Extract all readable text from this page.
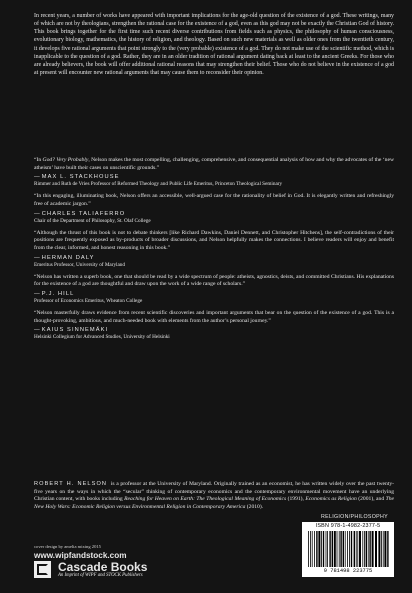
In recent years, a number of works have appeared with important implications for the age-old question of the existence of a god. These writings, many of which are not by theologians, strengthen the rational case for the existence of a god, even as this god may not be exactly the Christian God of history. This book brings together for the first time such recent diverse contributions from fields such as physics, the philosophy of human consciousness, evolutionary biology, mathematics, the history of religion, and theology. Based on such new materials as well as older ones from the twentieth century, it develops five rational arguments that point strongly to the (very probable) existence of a god. They do not make use of the scientific method, which is inapplicable to the question of a god. Rather, they are in an older tradition of rational argument dating back at least to the ancient Greeks. For those who are already believers, the book will offer additional rational reasons that may strengthen their belief. Those who do not believe in the existence of a god at present will encounter new rational arguments that may cause them to reconsider their opinion.

“In God? Very Probably, Nelson makes the most compelling, challenging, comprehensive, and consequential analysis of how and why the advocates of the ‘new atheism’ have built their cases on unscientific grounds.”

—MAX L. STACKHOUSE

Rimmer and Ruth de Vries Professor of Reformed Theology and Public Life Emeritus, Princeton Theological Seminary

“In this engaging, illuminating book, Nelson offers an accessible, well-argued case for the rationality of belief in God. It is elegantly written and refreshingly free of academic jargon.”

—CHARLES TALIAFERRO

Chair of the Department of Philosophy, St. Olaf College

“Although the thrust of this book is not to debate thinkers [like Richard Dawkins, Daniel Dennett, and Christopher Hitchens], the self-contradictions of their positions are frequently exposed as by-products of broader discussions, and Nelson helpfully makes the connections. I believe readers will enjoy and benefit from the clear, informed, and honest reasoning in this book.”

—HERMAN DALY

Emeritus Professor, University of Maryland

“Nelson has written a superb book, one that should be read by a wide spectrum of people: atheists, agnostics, deists, and committed Christians. His explanations for the existence of a god are thoughtful and draw upon the work of a wide range of scholars.”

—P.J. HILL

Professor of Economics Emeritus, Wheaton College

“Nelson masterfully draws evidence from recent scientific discoveries and important arguments that bear on the question of the existence of a god. This is a thought-provoking, ambitious, and much-needed book with elements from the author’s personal journey.”

—KAIUS SINNEMÄKI

Helsinki Collegium for Advanced Studies, University of Helsinki

ROBERT H. NELSON is a professor at the University of Maryland. Originally trained as an economist, he has written widely over the past twenty-five years on the ways in which the “secular” thinking of contemporary economics and the contemporary environmental movement have an underlying Christian content, with books including Reaching for Heaven on Earth: The Theological Meaning of Economics (1991), Economics as Religion (2001), and The New Holy Wars: Economic Religion versus Environmental Religion in Contemporary America (2010).

RELIGION/PHILOSOPHY

cover design by amelia mixing 2015

www.wipfandstock.com

Cascade Books
An Imprint of WIPF and STOCK Publishers
ISBN 978-1-4982-2377-5
9 781498 223775
